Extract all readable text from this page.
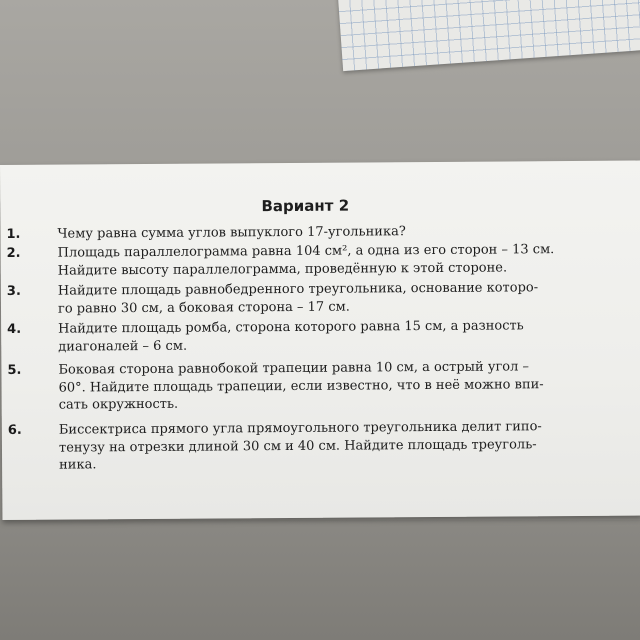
Вариант 2
1.	Чему равна сумма углов выпуклого 17-угольника?
2.	Площадь параллелограмма равна 104 см², а одна из его сторон – 13 см.
Найдите высоту параллелограмма, проведённую к этой стороне.
3.	Найдите площадь равнобедренного треугольника, основание которо-
го равно 30 см, а боковая сторона – 17 см.
4.	Найдите площадь ромба, сторона которого равна 15 см, а разность
диагоналей – 6 см.
5.	Боковая сторона равнобокой трапеции равна 10 см, а острый угол –
60°. Найдите площадь трапеции, если известно, что в неё можно впи-
сать окружность.
6.	Биссектриса прямого угла прямоугольного треугольника делит гипо-
тенузу на отрезки длиной 30 см и 40 см. Найдите площадь треуголь-
ника.
